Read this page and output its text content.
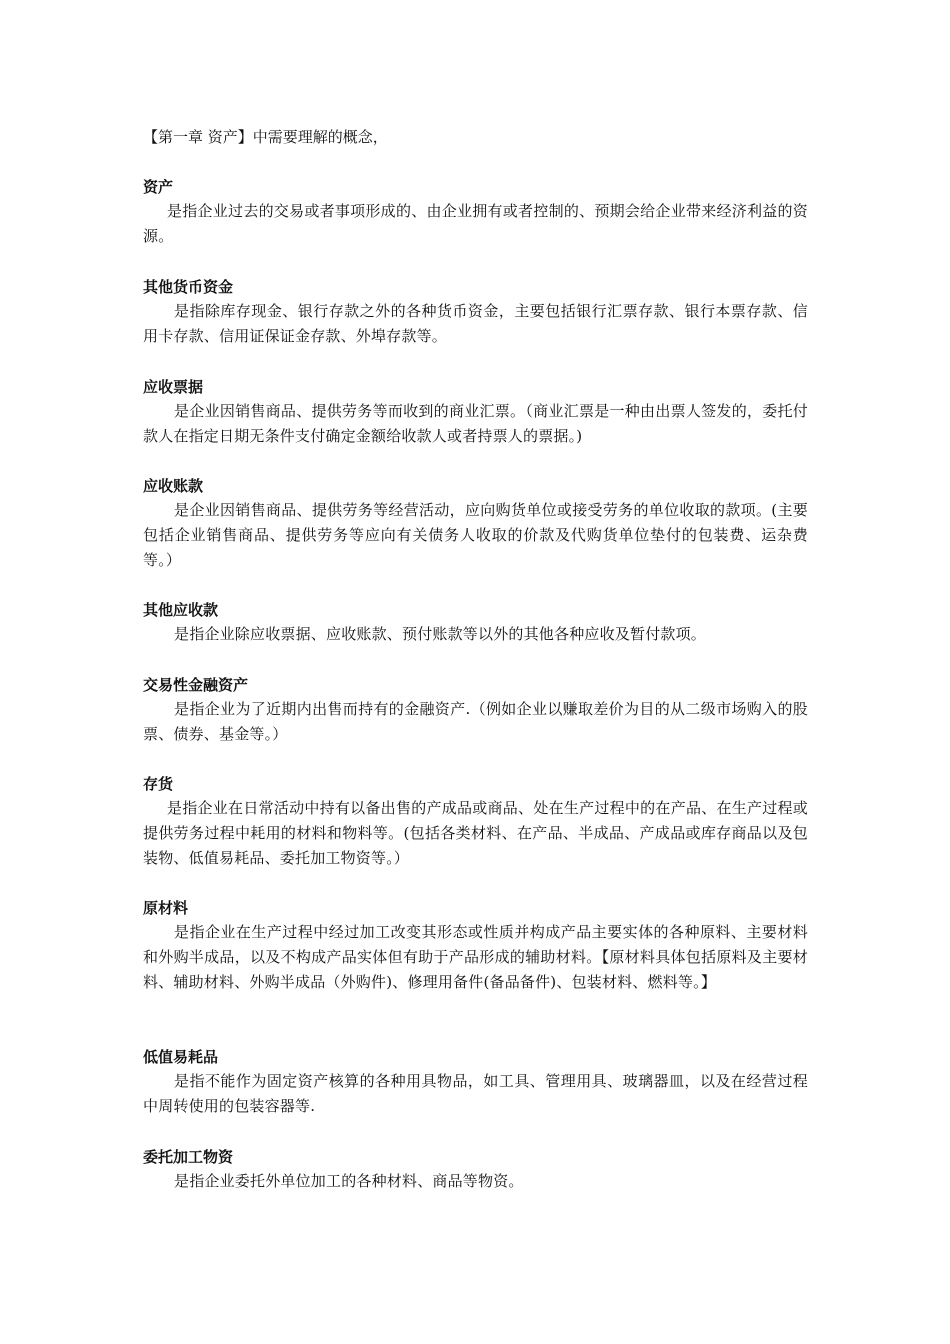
【第一章 资产】中需要理解的概念，
资产
是指企业过去的交易或者事项形成的、由企业拥有或者控制的、预期会给企业带来经济利益的资源。
其他货币资金
是指除库存现金、银行存款之外的各种货币资金，主要包括银行汇票存款、银行本票存款、信用卡存款、信用证保证金存款、外埠存款等。
应收票据
是企业因销售商品、提供劳务等而收到的商业汇票。（商业汇票是一种由出票人签发的，委托付款人在指定日期无条件支付确定金额给收款人或者持票人的票据。)
应收账款
是企业因销售商品、提供劳务等经营活动，应向购货单位或接受劳务的单位收取的款项。(主要包括企业销售商品、提供劳务等应向有关债务人收取的价款及代购货单位垫付的包装费、运杂费等。）
其他应收款
是指企业除应收票据、应收账款、预付账款等以外的其他各种应收及暂付款项。
交易性金融资产
是指企业为了近期内出售而持有的金融资产.（例如企业以赚取差价为目的从二级市场购入的股票、债券、基金等。）
存货
是指企业在日常活动中持有以备出售的产成品或商品、处在生产过程中的在产品、在生产过程或提供劳务过程中耗用的材料和物料等。(包括各类材料、在产品、半成品、产成品或库存商品以及包装物、低值易耗品、委托加工物资等。）
原材料
是指企业在生产过程中经过加工改变其形态或性质并构成产品主要实体的各种原料、主要材料和外购半成品，以及不构成产品实体但有助于产品形成的辅助材料。【原材料具体包括原料及主要材料、辅助材料、外购半成品（外购件)、修理用备件(备品备件)、包装材料、燃料等。】
低值易耗品
是指不能作为固定资产核算的各种用具物品，如工具、管理用具、玻璃器皿，以及在经营过程中周转使用的包装容器等.
委托加工物资
是指企业委托外单位加工的各种材料、商品等物资。
